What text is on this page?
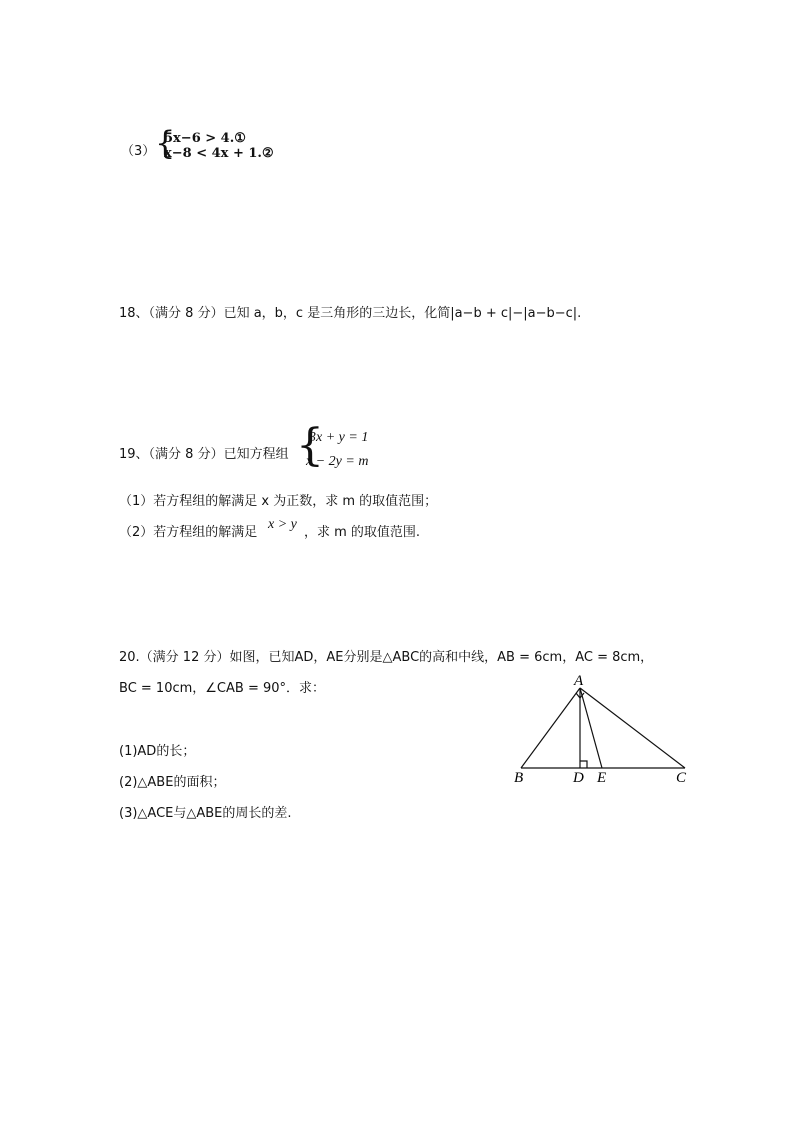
（3） {
5x−6 > 4.①
x−8 < 4x + 1.②
18、（满分 8 分）已知 a，b，c 是三角形的三边长，化简|a−b + c|−|a−b−c|.
19、（满分 8 分）已知方程组 {
3x + y = 1
x − 2y = m
（1）若方程组的解满足 x 为正数，求 m 的取值范围；
（2）若方程组的解满足
x > y
，求 m 的取值范围.
20.（满分 12 分）如图，已知AD，AE分别是△ABC的高和中线，AB = 6cm，AC = 8cm，
BC = 10cm，∠CAB = 90°．求：
(1)AD的长；
(2)△ABE的面积；
(3)△ACE与△ABE的周长的差.
A
B	D E	C
